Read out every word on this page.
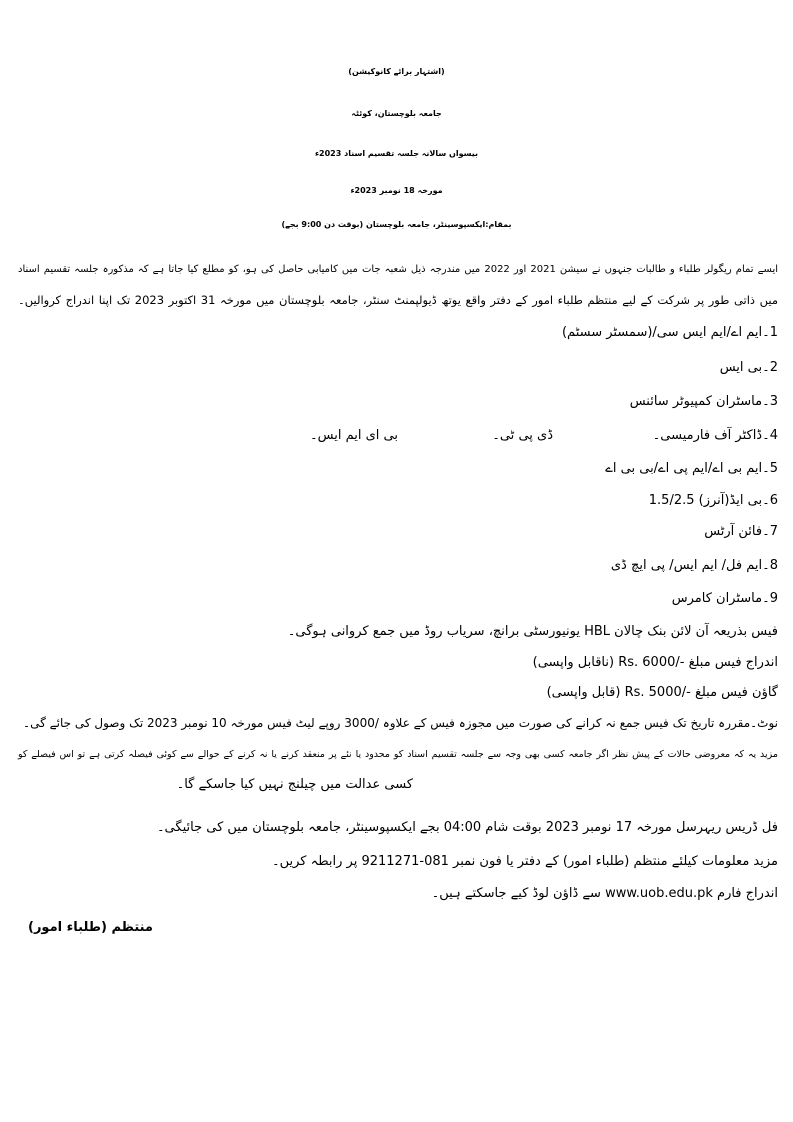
(اشتہار برائے کانوکیشن)
جامعہ بلوچستان، کوئٹہ
بیسواں سالانہ جلسہ تقسیم اسناد 2023ء
مورخہ 18 نومبر 2023ء
بمقام:ایکسپوسینٹر، جامعہ بلوچستان (بوقت دن 9:00 بجے)
ایسے تمام ریگولر طلباء و طالبات جنہوں نے سیشن 2021 اور 2022 میں مندرجہ ذیل شعبہ جات میں کامیابی حاصل کی ہو، کو مطلع کیا جاتا ہے کہ مذکورہ جلسہ تقسیم اسناد
میں ذاتی طور پر شرکت کے لیے منتظم طلباء امور کے دفتر واقع یوتھ ڈیولپمنٹ سنٹر، جامعہ بلوچستان میں مورخہ 31 اکتوبر 2023 تک اپنا اندراج کروالیں۔
1۔ایم اے/ایم ایس سی/(سمسٹر سسٹم)
2۔بی ایس
3۔ماسٹران کمپیوٹر سائنس
4۔ڈاکٹر آف فارمیسی۔
ڈی پی ٹی۔
بی ای ایم ایس۔
5۔ایم بی اے/ایم پی اے/بی بی اے
6۔بی ایڈ(آنرز) 1.5/2.5
7۔فائن آرٹس
8۔ایم فل/ ایم ایس/ پی ایچ ڈی
9۔ماسٹران کامرس
فیس بذریعہ آن لائن بنک چالان HBL یونیورسٹی برانچ، سریاب روڈ میں جمع کروانی ہوگی۔
اندراج فیس مبلغ -/Rs. 6000 (ناقابل واپسی)
گاؤن فیس مبلغ -/Rs. 5000 (قابل واپسی)
نوٹ۔مقررہ تاریخ تک فیس جمع نہ کرانے کی صورت میں مجوزہ فیس کے علاوہ /3000 روپے لیٹ فیس مورخہ 10 نومبر 2023 تک وصول کی جائے گی۔
مزید یہ کہ معروضی حالات کے پیش نظر اگر جامعہ کسی بھی وجہ سے جلسہ تقسیم اسناد کو محدود یا نئے پر منعقد کرنے یا نہ کرنے کے حوالے سے کوئی فیصلہ کرتی ہے تو اس فیصلے کو
کسی عدالت میں چیلنج نہیں کیا جاسکے گا۔
فل ڈریس ریہرسل مورخہ 17 نومبر 2023 بوقت شام 04:00 بجے ایکسپوسینٹر، جامعہ بلوچستان میں کی جائیگی۔
مزید معلومات کیلئے منتظم (طلباء امور) کے دفتر یا فون نمبر 081-9211271 پر رابطہ کریں۔
اندراج فارم www.uob.edu.pk سے ڈاؤن لوڈ کیے جاسکتے ہیں۔
منتظم (طلباء امور)
